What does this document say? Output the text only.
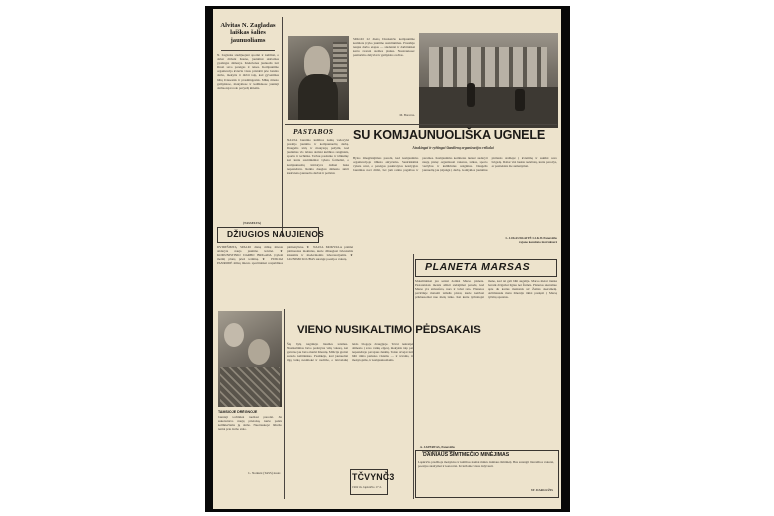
Alvitas N. Zagladas laiškas šalies jaunuoliams
N. Zagladas studijuojant sportui ir kultūrai, o dabar dirbant Kaune, jaunimui skiriamas ypatingas dėmesys. Kiekvienas jaunuolis turi žinoti savo pareigas ir teises. Komjaunimo organizacija kviečia visus prisidėti prie bendro darbo, mokytis ir dirbti taip, kad gyvenimas būtų šviesesnis ir prasmingesnis. Mūsų miesto gamyklose, mokyklose ir kolūkiuose jaunieji darbuotojai rodo pavyzdį kitiems.
(TASSELTA)
SPALIO 22 dieną Dreskaičio komjaunimo komitete įvyko jaunimo susirinkimas. Prasidėjo naujas darbo etapas — studentai ir darbininkai kartu svarstė ateities planus. Nuotraukose: pasitarimo dalyviai ir gamyklos cechas.
M. Baravas.
PASTABOS
NAUJA Jaunimo kultūros namų vadovybė pradėjo jaunimo ir komjaunuolių darbą. Daugelis tėvų ir mokytojų pažymi, kad jaunimas vis labiau domisi kultūros renginiais, sportu ir technika. Tačiau pasitaiko ir trūkumų: kai kurie susirinkimai vyksta formaliai, o komjaunuolių iniciatyva dažnai lieka nepastebėta. Reikia daugiau dėmesio skirti kiekvieno jaunuolio darbui ir poilsiui.
SU KOMJAUNUOLIŠKA UGNELE
Atsakingai ir ryžtingai šiandieną organizacijos reikalai
Bylos išnagrinėjimas parodė, kad komjaunimo organizacijoje trūksta aktyvumo. Susirinkimai vyksta retai, o pareigos paskirstytos netolygiai. Jaunimas nori dirbti, bet jam reikia pagalbos ir paramos. Komjaunimo komitetas nutarė sudaryti naują planą: organizuoti vakarus, talkas, sporto varžybas ir kultūrinius renginius. Daugelis jaunuolių jau įsijungė į darbą. Gamyklos jaunimas pirmasis atsiliepė į kvietimą ir sukūrė savo brigadą. Dabar visi laukia rezultatų, kurie parodys, ar pasiteisins šie sumanymai.
L. LIKAUSKAITĖ LLKJS Panevėžio rajono komiteto instruktorė
DŽIUGIOS NAUJIENOS
DVIDEŠIMTĄ SPALIO dieną mūsų mieste atidaryta nauja jaunimo kavinė. ★ KOMUNISTINIO DARBO BRIGADA įvykdė metinį planą prieš terminą. ★ PUIKIAI PASIRODĖ mūsų miesto sportininkai respublikos pirmenybėse. ★ NAUJA MOKYKLA priėmė pirmuosius mokinius, kurie džiaugiasi šviesiomis klasėmis ir moderniomis laboratorijomis. ★ JAUNIMO KLUBAS surengė poezijos vakarą.
PLANETA MARSAS
Mokslininkai jau seniai domisi Marso planeta. Pastaraisiais metais atlikti stebėjimai parodė, kad Marse yra atmosfera, nors ir labai reta. Planetos paviršiuje matomi tamsūs plotai, kurie keičiasi priklausomai nuo metų laiko. Kai kurie tyrinėtojai mano, kad tai gali būti augalija. Marso metai trunka beveik dvigubai ilgiau nei Žemės. Planetos skersmuo apie du kartus mažesnis už Žemės skersmenį. Artimiausiu metu žmonija tikisi pasiųsti į Marsą tyrimų aparatus.
TAMSIOJE DRĖGNOJE
Jaunieji technikai ruošiasi parodai. Jie sukonstravo naujų prietaisų, kurie padės kolūkiečiams jų darbe. Nuotraukoje: būrelio nariai prie darbo stalo.
L. Norkutė (TASS) nuotr.
VIENO NUSIKALTIMO PĖDSAKAIS
Šią bylą nagrinėjo liaudies teismas. Nusikaltimas buvo padarytas vėlų vakarą, kai gatvėse jau buvo mažai žmonių. Milicija greitai surado kaltininkus. Paaiškėjo, kad jaunuoliai ilgą laiką nesimokė ir nedirbo, o laisvalaikį leido blogoje draugijoje. Tėvai nekreipė dėmesio į savo vaikų elgesį, mokykla taip pat nepastebėjo pavojaus ženklų. Tokie atvejai turi būti rimta pamoka visiems — ir tėvams, ir mokytojams, ir komjaunuoliams.
A. JAPERTAS, Panevėžio prokuratūros tardytojas
TČVYNČ3
1962 m. lapkričio 17 d.
DAINIAUS ŠIMTMEČIO MINĖJIMAS
Lapkričio pradžioje mokyklos ir kultūros namai minės dainiaus šimtmetį. Bus surengti literatūros vakarai, poezijos skaitymai ir koncertai. Kviečiame visus dalyvauti.
ST. DARGUŽIS
